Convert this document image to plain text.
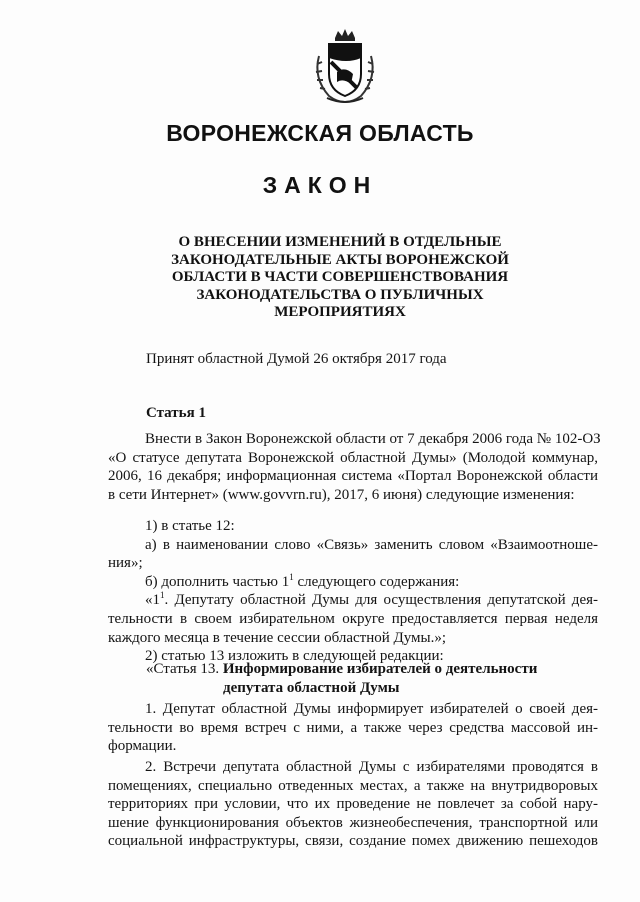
ВОРОНЕЖСКАЯ ОБЛАСТЬ
ЗАКОН
О ВНЕСЕНИИ ИЗМЕНЕНИЙ В ОТДЕЛЬНЫЕ
ЗАКОНОДАТЕЛЬНЫЕ АКТЫ ВОРОНЕЖСКОЙ
ОБЛАСТИ В ЧАСТИ СОВЕРШЕНСТВОВАНИЯ
ЗАКОНОДАТЕЛЬСТВА О ПУБЛИЧНЫХ
МЕРОПРИЯТИЯХ
Принят областной Думой 26 октября 2017 года
Статья 1
Внести в Закон Воронежской области от 7 декабря 2006 года № 102-ОЗ
«О статусе депутата Воронежской областной Думы» (Молодой коммунар,
2006, 16 декабря; информационная система «Портал Воронежской области
в сети Интернет» (www.govvrn.ru), 2017, 6 июня) следующие изменения:
1) в статье 12:
а) в наименовании слово «Связь» заменить словом «Взаимоотноше-
ния»;
б) дополнить частью $1^1$ следующего содержания:
«$1^1$. Депутату областной Думы для осуществления депутатской дея-
тельности в своем избирательном округе предоставляется первая неделя
каждого месяца в течение сессии областной Думы.»;
2) статью 13 изложить в следующей редакции:
«Статья 13. Информирование избирателей о деятельности
депутата областной Думы
1. Депутат областной Думы информирует избирателей о своей дея-
тельности во время встреч с ними, а также через средства массовой ин-
формации.
2. Встречи депутата областной Думы с избирателями проводятся в
помещениях, специально отведенных местах, а также на внутридворовых
территориях при условии, что их проведение не повлечет за собой нару-
шение функционирования объектов жизнеобеспечения, транспортной или
социальной инфраструктуры, связи, создание помех движению пешеходов
